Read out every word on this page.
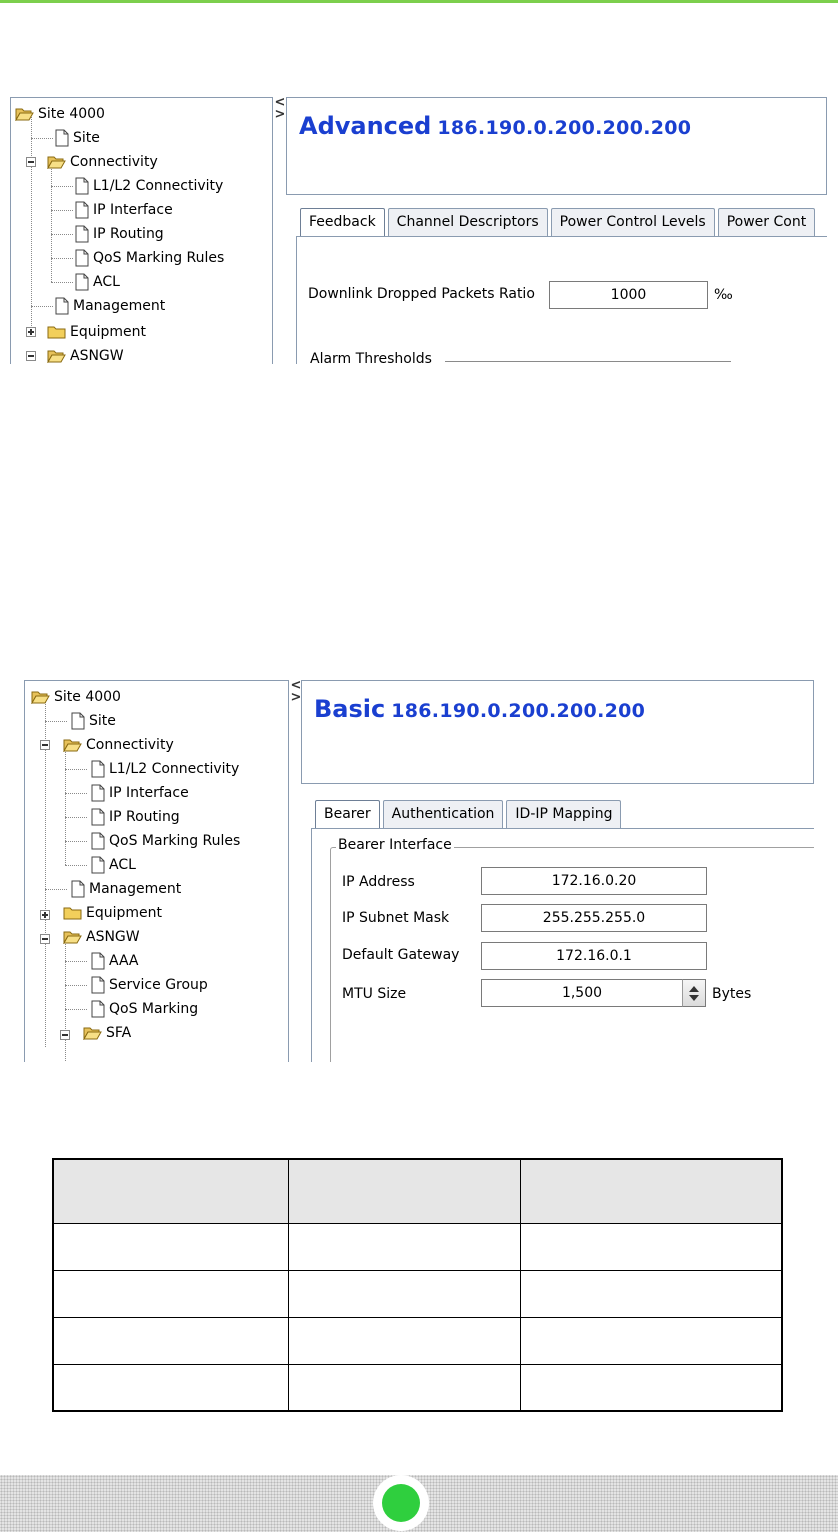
Site 4000
Site
Connectivity
L1/L2 Connectivity
IP Interface
IP Routing
QoS Marking Rules
ACL
Management
Equipment
ASNGW
<
> Advanced 186.190.0.200.200.200
Feedback	Channel Descriptors	Power Control Levels	Power Cont
Alarm Thresholds
Downlink Dropped Packets Ratio
1000	‰
Site 4000
Site
Connectivity
L1/L2 Connectivity
IP Interface
IP Routing
QoS Marking Rules
ACL
Management
Equipment
ASNGW
AAA
Service Group
QoS Marking
SFA
<
> Basic 186.190.0.200.200.200
Bearer	Authentication	ID-IP Mapping
Bearer Interface
IP Address
172.16.0.20
IP Subnet Mask
255.255.255.0
Default Gateway
172.16.0.1
MTU Size
1,500	Bytes
